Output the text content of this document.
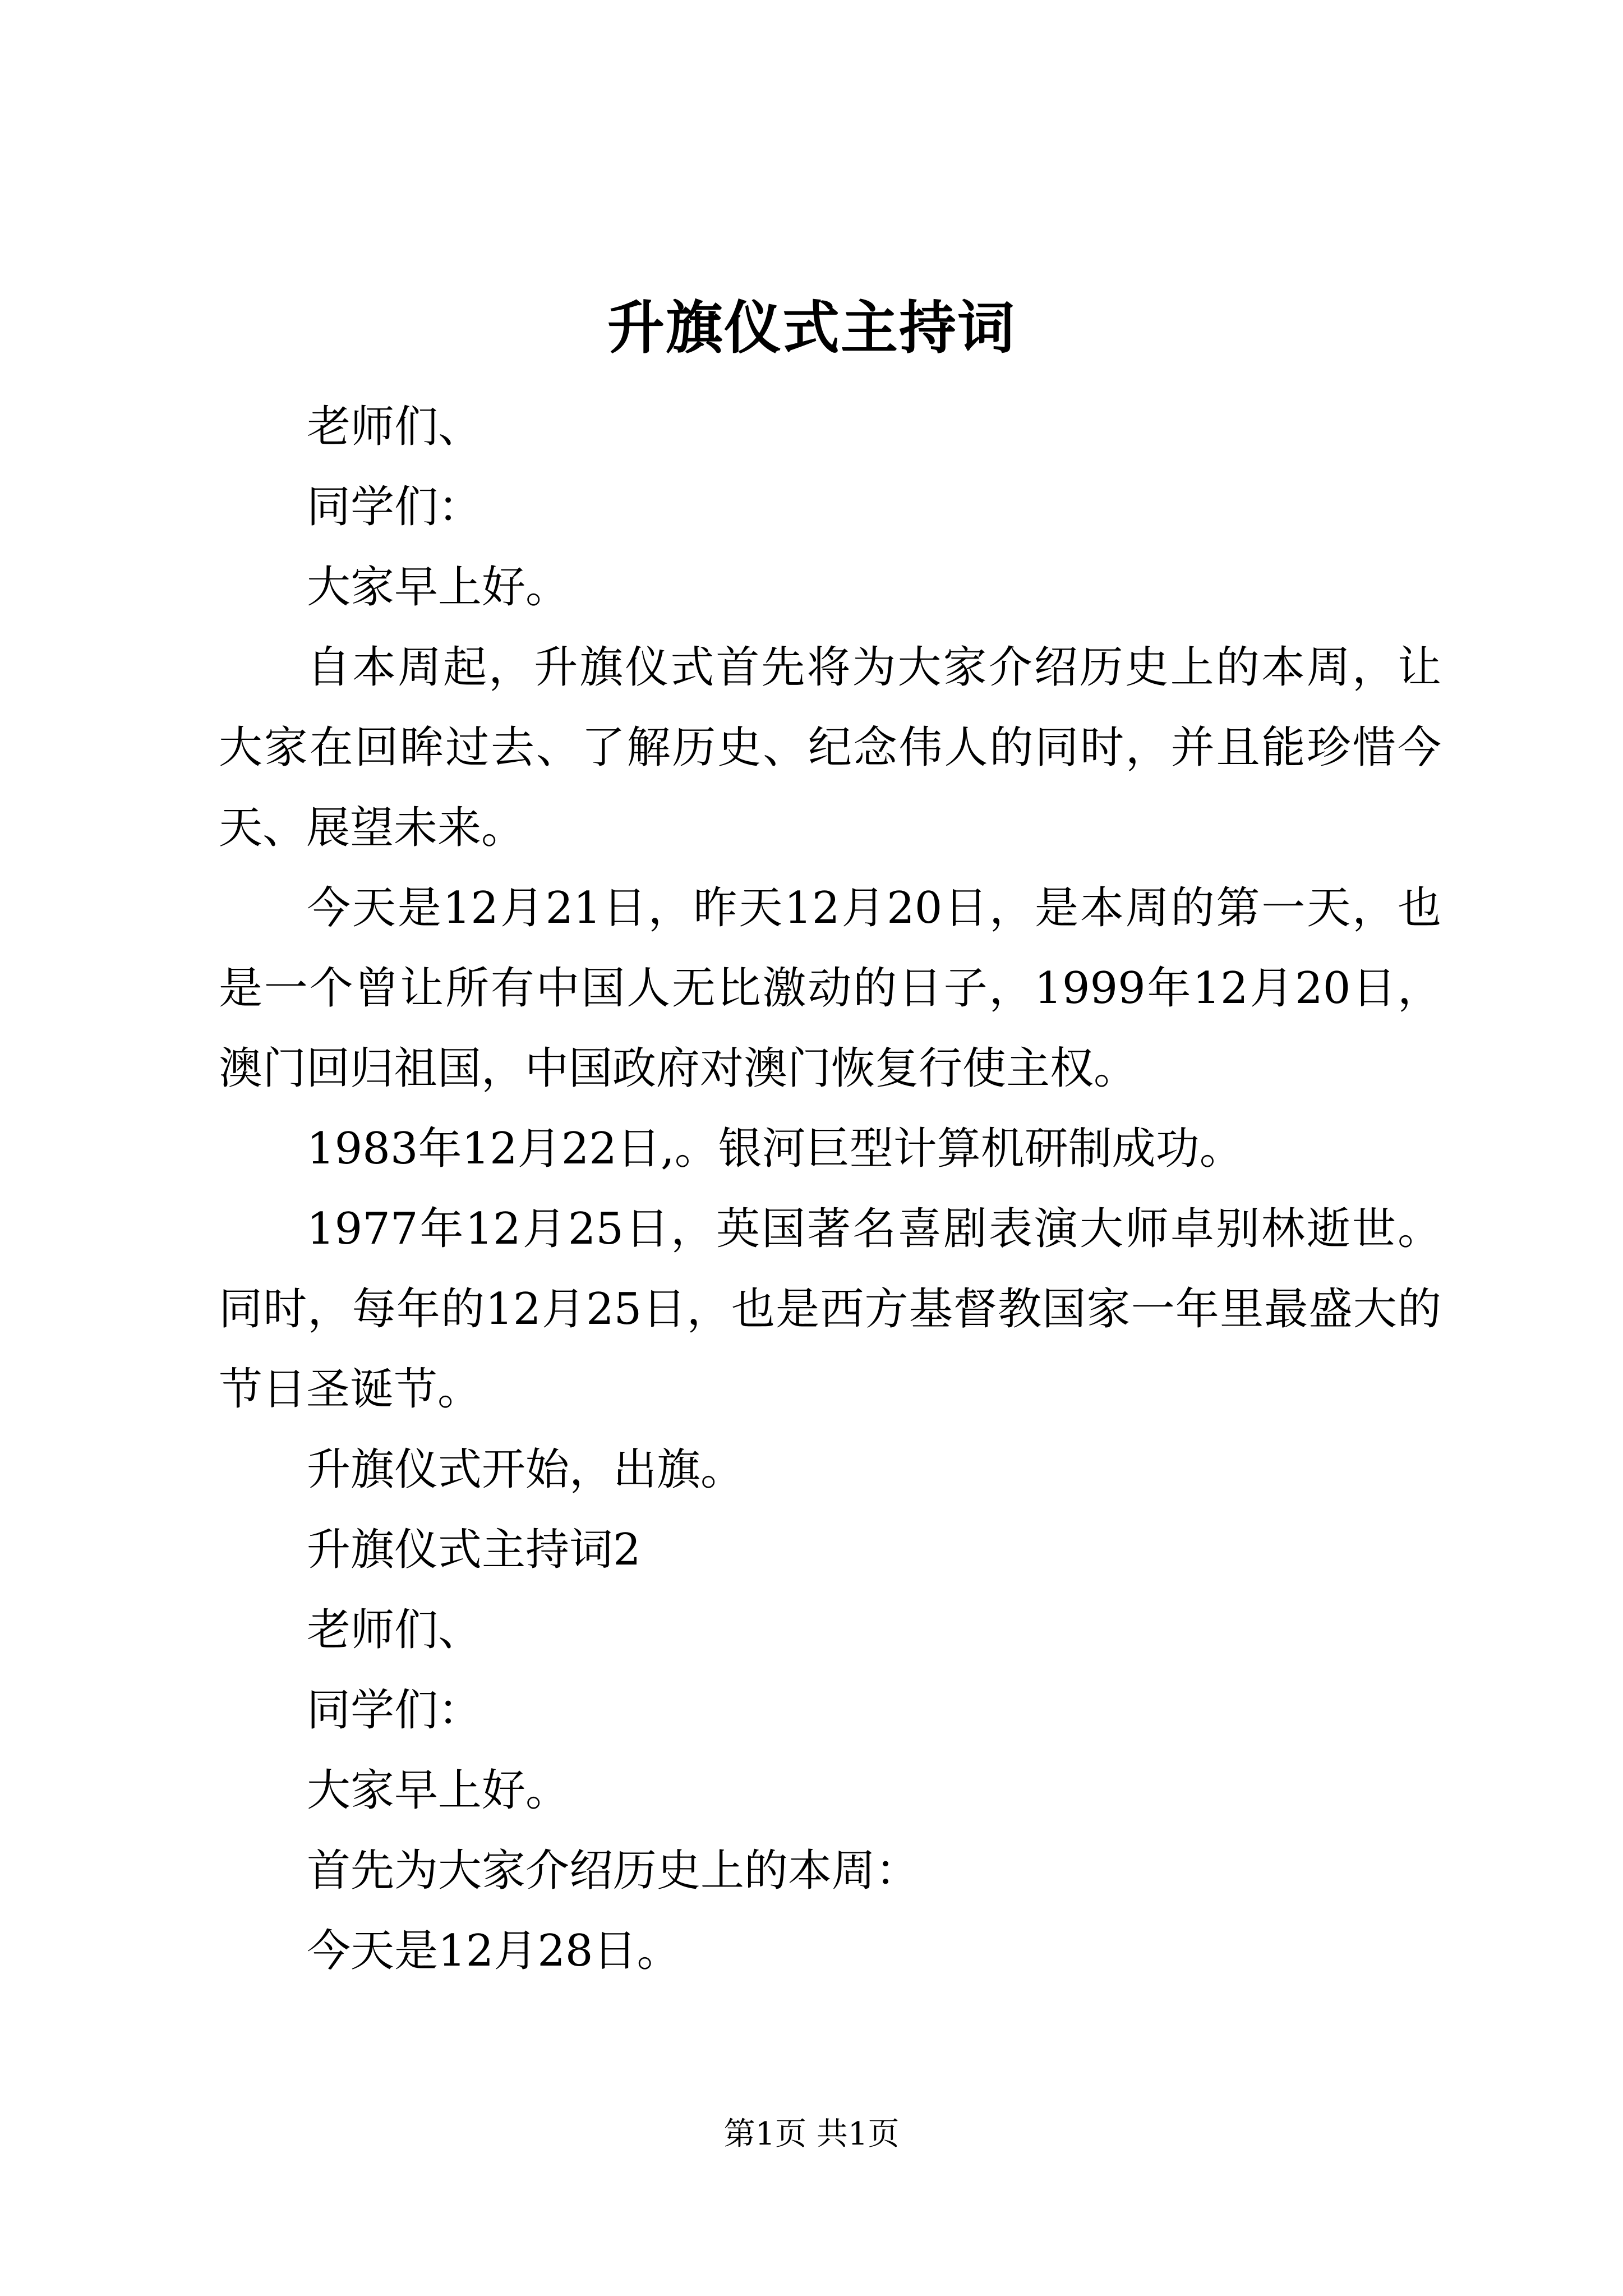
升旗仪式主持词

老师们、

同学们：

大家早上好。

自本周起，升旗仪式首先将为大家介绍历史上的本周，让大家在回眸过去、了解历史、纪念伟人的同时，并且能珍惜今天、展望未来。

今天是12月21日，昨天12月20日，是本周的第一天，也是一个曾让所有中国人无比激动的日子，1999年12月20日，澳门回归祖国，中国政府对澳门恢复行使主权。

1983年12月22日,。银河巨型计算机研制成功。

1977年12月25日，英国著名喜剧表演大师卓别林逝世。同时，每年的12月25日，也是西方基督教国家一年里最盛大的节日圣诞节。

升旗仪式开始，出旗。

升旗仪式主持词2

老师们、

同学们：

大家早上好。

首先为大家介绍历史上的本周：

今天是12月28日。

第1页 共1页
